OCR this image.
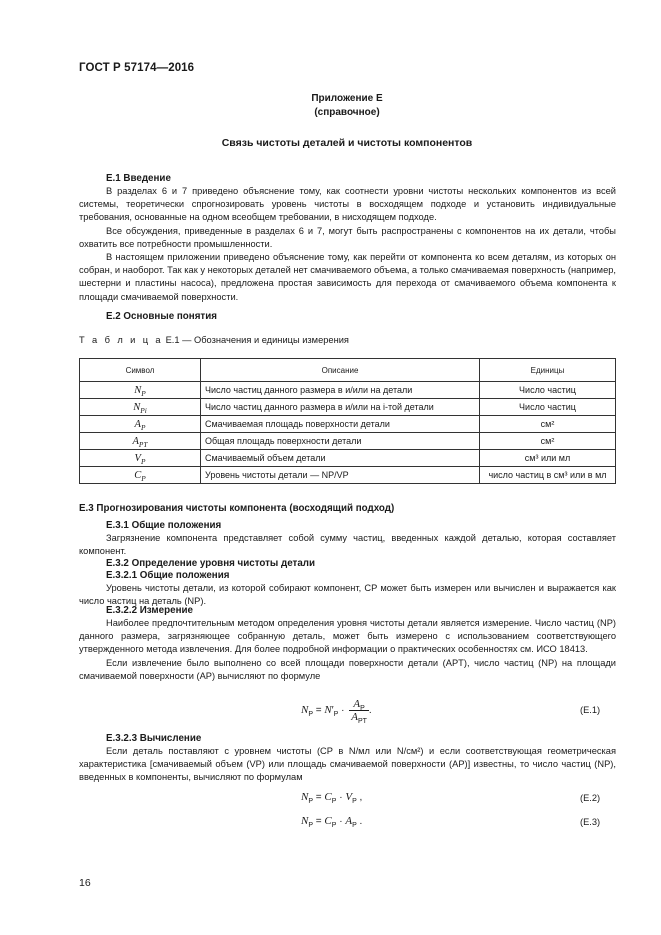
ГОСТ Р 57174—2016
Приложение Е
(справочное)
Связь чистоты деталей и чистоты компонентов
Е.1 Введение

В разделах 6 и 7 приведено объяснение тому, как соотнести уровни чистоты нескольких компонентов из всей системы, теоретически спрогнозировать уровень чистоты в восходящем подходе и установить индивидуальные требования, основанные на одном всеобщем требовании, в нисходящем подходе.

Все обсуждения, приведенные в разделах 6 и 7, могут быть распространены с компонентов на их детали, чтобы охватить все потребности промышленности.

В настоящем приложении приведено объяснение тому, как перейти от компонента ко всем деталям, из которых он собран, и наоборот. Так как у некоторых деталей нет смачиваемого объема, а только смачиваемая поверхность (например, шестерни и пластины насоса), предложена простая зависимость для перехода от смачиваемого объема компонента к площади смачиваемой поверхности.

Е.2 Основные понятия
Т а б л и ц а Е.1 — Обозначения и единицы измерения
Символ	Описание	Единицы
$N_P$	Число частиц данного размера в и/или на детали	Число частиц
$N_{Pi}$	Число частиц данного размера в и/или на i-той детали	Число частиц
$A_P$	Смачиваемая площадь поверхности детали	см²
$A_{PT}$	Общая площадь поверхности детали	см²
$V_P$	Смачиваемый объем детали	см³ или мл
$C_P$	Уровень чистоты детали — NP/VP	число частиц в см³ или в мл
Е.3 Прогнозирования чистоты компонента (восходящий подход)
Е.3.1 Общие положения

Загрязнение компонента представляет собой сумму частиц, введенных каждой деталью, которая составляет компонент.

Е.3.2 Определение уровня чистоты детали
Е.3.2.1 Общие положения

Уровень чистоты детали, из которой собирают компонент, CP может быть измерен или вычислен и выражается как число частиц на деталь (NP).

Е.3.2.2 Измерение

Наиболее предпочтительным методом определения уровня чистоты детали является измерение. Число частиц (NP) данного размера, загрязняющее собранную деталь, может быть измерено с использованием соответствующего утвержденного метода извлечения. Для более подробной информации о практических особенностях см. ИСО 18413.

Если извлечение было выполнено со всей площади поверхности детали (APT), число частиц (NP) на площади смачиваемой поверхности (AP) вычисляют по формуле

$N_P = N'_P \cdot \frac{A_P}{A_{PT}}$ .	(Е.1)
Е.3.2.3 Вычисление

Если деталь поставляют с уровнем чистоты (CP в N/мл или N/см²) и если соответствующая геометрическая характеристика [смачиваемый объем (VP) или площадь смачиваемой поверхности (AP)] известны, то число частиц (NP), введенных в компоненты, вычисляют по формулам

$N_P = C_P \cdot V_P$ ,	(Е.2)
$N_P = C_P \cdot A_P$ .	(Е.3)
16
